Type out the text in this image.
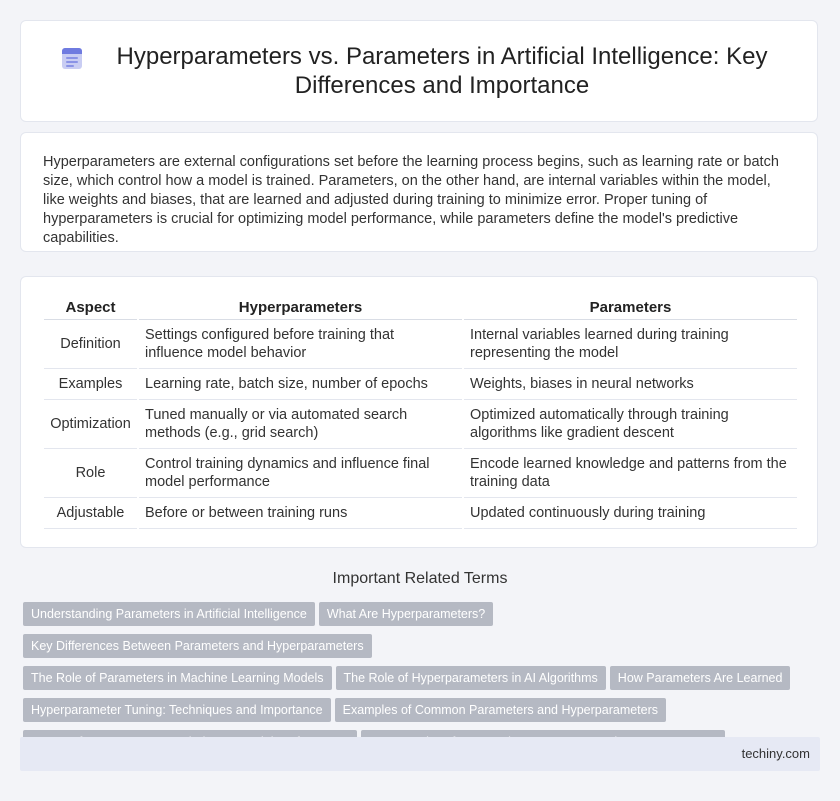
Hyperparameters vs. Parameters in Artificial Intelligence: Key Differences and Importance

Hyperparameters are external configurations set before the learning process begins, such as learning rate or batch size, which control how a model is trained. Parameters, on the other hand, are internal variables within the model, like weights and biases, that are learned and adjusted during training to minimize error. Proper tuning of hyperparameters is crucial for optimizing model performance, while parameters define the model's predictive capabilities.

Aspect	Hyperparameters	Parameters
Definition	Settings configured before training that influence model behavior	Internal variables learned during training representing the model
Examples	Learning rate, batch size, number of epochs	Weights, biases in neural networks
Optimization	Tuned manually or via automated search methods (e.g., grid search)	Optimized automatically through training algorithms like gradient descent
Role	Control training dynamics and influence final model performance	Encode learned knowledge and patterns from the training data
Adjustable	Before or between training runs	Updated continuously during training
Important Related Terms
Understanding Parameters in Artificial Intelligence What Are Hyperparameters?Key Differences Between Parameters and Hyperparameters
The Role of Parameters in Machine Learning Models The Role of Hyperparameters in AI Algorithms How Parameters Are Learned
Hyperparameter Tuning: Techniques and Importance Examples of Common Parameters and Hyperparameters

techiny.com
